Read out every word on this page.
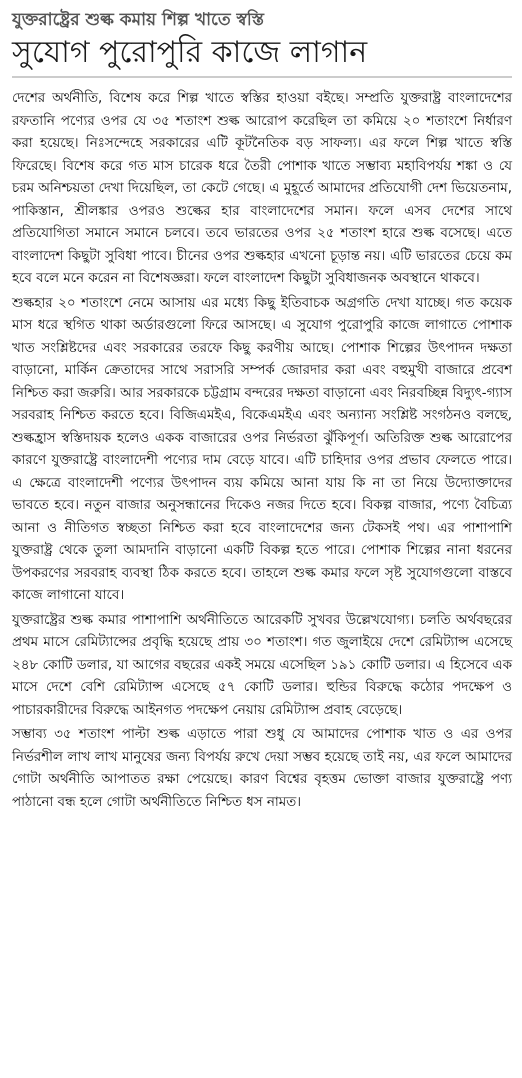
যুক্তরাষ্ট্রের শুল্ক কমায় শিল্প খাতে স্বস্তি
সুযোগ পুরোপুরি কাজে লাগান

দেশের অর্থনীতি, বিশেষ করে শিল্প খাতে স্বস্তির হাওয়া বইছে। সম্প্রতি যুক্তরাষ্ট্র বাংলাদেশের রফতানি পণ্যের ওপর যে ৩৫ শতাংশ শুল্ক আরোপ করেছিল তা কমিয়ে ২০ শতাংশে নির্ধারণ করা হয়েছে। নিঃসন্দেহে সরকারের এটি কূটনৈতিক বড় সাফল্য। এর ফলে শিল্প খাতে স্বস্তি ফিরেছে। বিশেষ করে গত মাস চারেক ধরে তৈরী পোশাক খাতে সম্ভাব্য মহাবিপর্যয় শঙ্কা ও যে চরম অনিশ্চয়তা দেখা দিয়েছিল, তা কেটে গেছে। এ মুহূর্তে আমাদের প্রতিযোগী দেশ ভিয়েতনাম, পাকিস্তান, শ্রীলঙ্কার ওপরও শুল্কের হার বাংলাদেশের সমান। ফলে এসব দেশের সাথে প্রতিযোগিতা সমানে সমানে চলবে। তবে ভারতের ওপর ২৫ শতাংশ হারে শুল্ক বসেছে। এতে বাংলাদেশ কিছুটা সুবিধা পাবে। চীনের ওপর শুল্কহার এখনো চূড়ান্ত নয়। এটি ভারতের চেয়ে কম হবে বলে মনে করেন না বিশেষজ্ঞরা। ফলে বাংলাদেশ কিছুটা সুবিধাজনক অবস্থানে থাকবে।

শুল্কহার ২০ শতাংশে নেমে আসায় এর মধ্যে কিছু ইতিবাচক অগ্রগতি দেখা যাচ্ছে। গত কয়েক মাস ধরে স্থগিত থাকা অর্ডারগুলো ফিরে আসছে। এ সুযোগ পুরোপুরি কাজে লাগাতে পোশাক খাত সংশ্লিষ্টদের এবং সরকারের তরফে কিছু করণীয় আছে। পোশাক শিল্পের উৎপাদন দক্ষতা বাড়ানো, মার্কিন ক্রেতাদের সাথে সরাসরি সম্পর্ক জোরদার করা এবং বহুমুখী বাজারে প্রবেশ নিশ্চিত করা জরুরি। আর সরকারকে চট্টগ্রাম বন্দরের দক্ষতা বাড়ানো এবং নিরবচ্ছিন্ন বিদ্যুৎ-গ্যাস সরবরাহ নিশ্চিত করতে হবে। বিজিএমইএ, বিকেএমইএ এবং অন্যান্য সংশ্লিষ্ট সংগঠনও বলছে, শুল্কহ্রাস স্বস্তিদায়ক হলেও একক বাজারের ওপর নির্ভরতা ঝুঁকিপূর্ণ। অতিরিক্ত শুল্ক আরোপের কারণে যুক্তরাষ্ট্রে বাংলাদেশী পণ্যের দাম বেড়ে যাবে। এটি চাহিদার ওপর প্রভাব ফেলতে পারে। এ ক্ষেত্রে বাংলাদেশী পণ্যের উৎপাদন ব্যয় কমিয়ে আনা যায় কি না তা নিয়ে উদ্যোক্তাদের ভাবতে হবে। নতুন বাজার অনুসন্ধানের দিকেও নজর দিতে হবে। বিকল্প বাজার, পণ্যে বৈচিত্র্য আনা ও নীতিগত স্বচ্ছতা নিশ্চিত করা হবে বাংলাদেশের জন্য টেকসই পথ। এর পাশাপাশি যুক্তরাষ্ট্র থেকে তুলা আমদানি বাড়ানো একটি বিকল্প হতে পারে। পোশাক শিল্পের নানা ধরনের উপকরণের সরবরাহ ব্যবস্থা ঠিক করতে হবে। তাহলে শুল্ক কমার ফলে সৃষ্ট সুযোগগুলো বাস্তবে কাজে লাগানো যাবে।

যুক্তরাষ্ট্রের শুল্ক কমার পাশাপাশি অর্থনীতিতে আরেকটি সুখবর উল্লেখযোগ্য। চলতি অর্থবছরের প্রথম মাসে রেমিট্যান্সের প্রবৃদ্ধি হয়েছে প্রায় ৩০ শতাংশ। গত জুলাইয়ে দেশে রেমিট্যান্স এসেছে ২৪৮ কোটি ডলার, যা আগের বছরের একই সময়ে এসেছিল ১৯১ কোটি ডলার। এ হিসেবে এক মাসে দেশে বেশি রেমিট্যান্স এসেছে ৫৭ কোটি ডলার। হুন্ডির বিরুদ্ধে কঠোর পদক্ষেপ ও পাচারকারীদের বিরুদ্ধে আইনগত পদক্ষেপ নেয়ায় রেমিট্যান্স প্রবাহ বেড়েছে।

সম্ভাব্য ৩৫ শতাংশ পাল্টা শুল্ক এড়াতে পারা শুধু যে আমাদের পোশাক খাত ও এর ওপর নির্ভরশীল লাখ লাখ মানুষের জন্য বিপর্যয় রুখে দেয়া সম্ভব হয়েছে তাই নয়, এর ফলে আমাদের গোটা অর্থনীতি আপাতত রক্ষা পেয়েছে। কারণ বিশ্বের বৃহত্তম ভোক্তা বাজার যুক্তরাষ্ট্রে পণ্য পাঠানো বন্ধ হলে গোটা অর্থনীতিতে নিশ্চিত ধস নামত।
